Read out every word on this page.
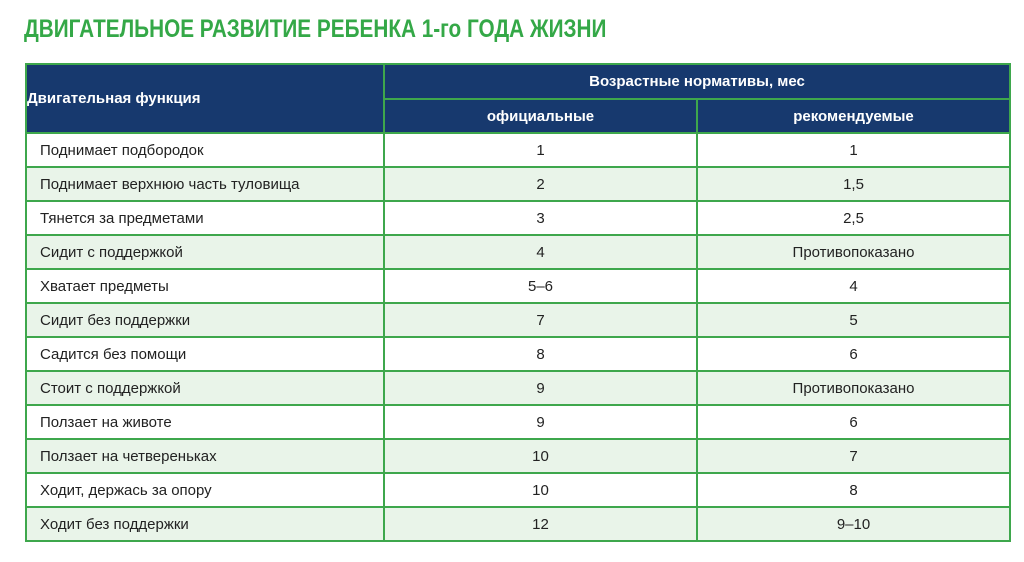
ДВИГАТЕЛЬНОЕ РАЗВИТИЕ РЕБЕНКА 1-го ГОДА ЖИЗНИ
Двигательная функция	Возрастные нормативы, мес	
	официальные	рекомендуемые
Поднимает подбородок	1	1
Поднимает верхнюю часть туловища	2	1,5
Тянется за предметами	3	2,5
Сидит с поддержкой	4	Противопоказано
Хватает предметы	5–6	4
Сидит без поддержки	7	5
Садится без помощи	8	6
Стоит с поддержкой	9	Противопоказано
Ползает на животе	9	6
Ползает на четвереньках	10	7
Ходит, держась за опору	10	8
Ходит без поддержки	12	9–10
